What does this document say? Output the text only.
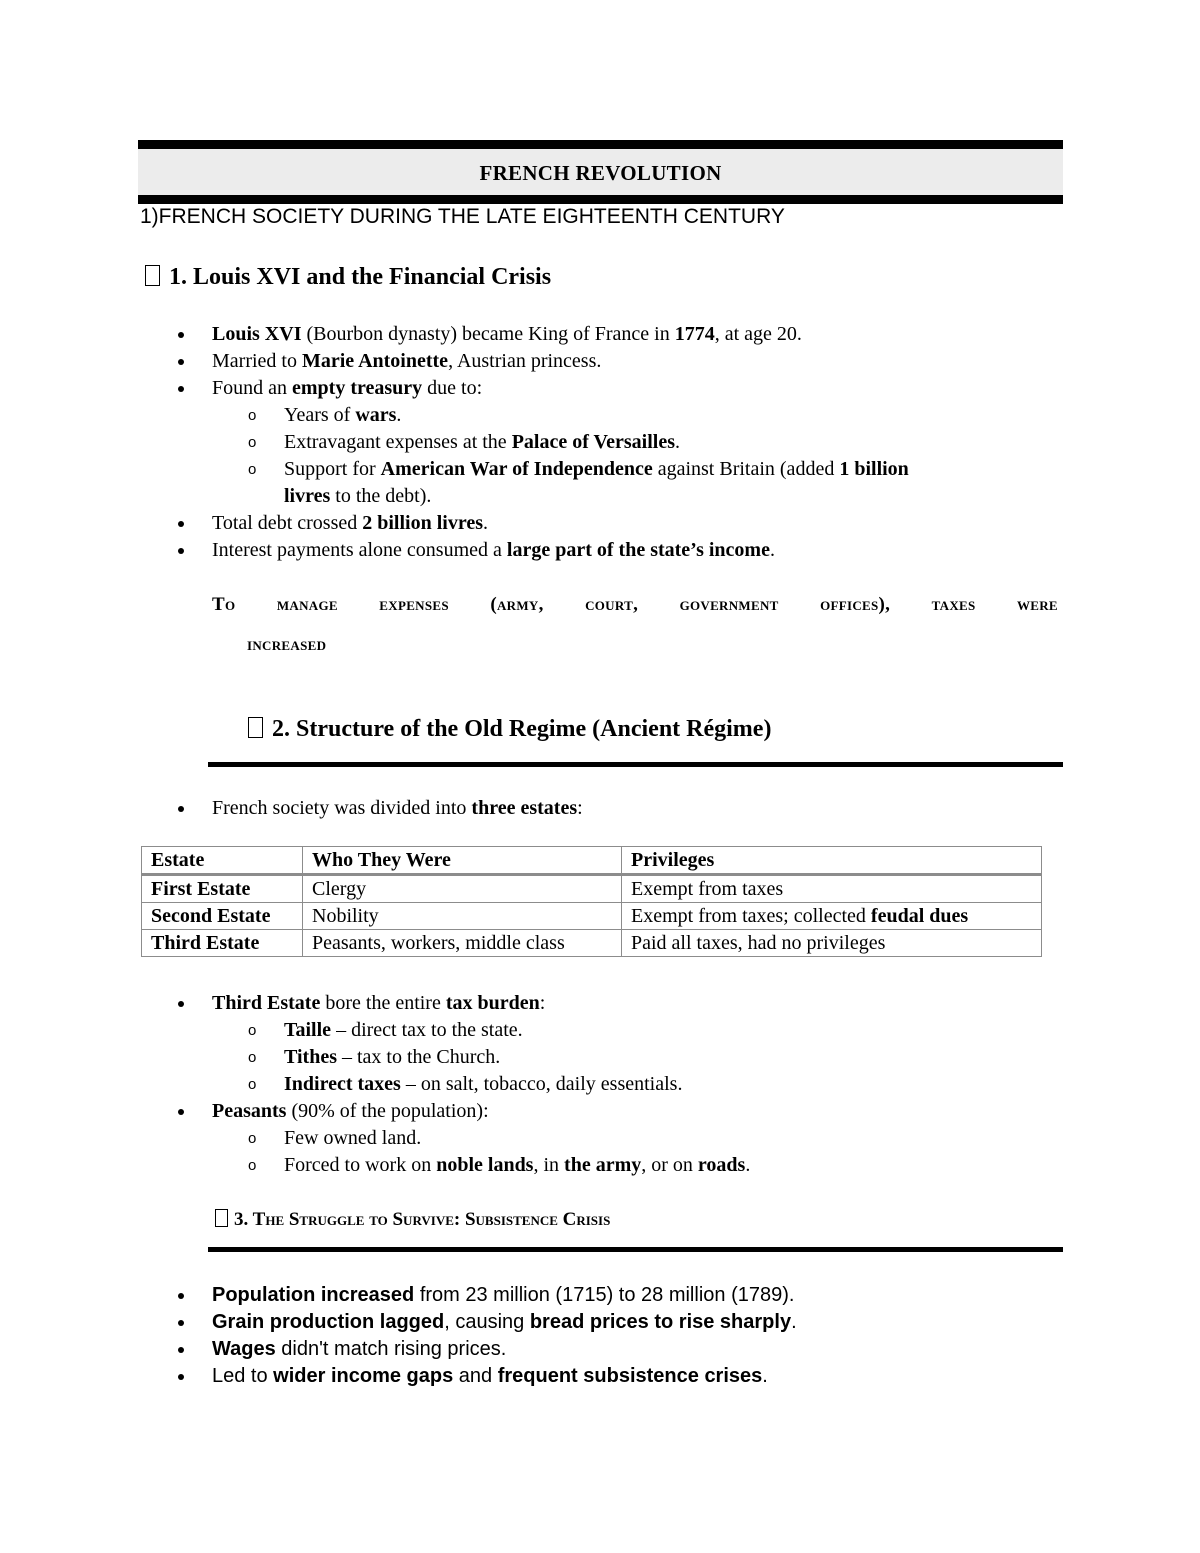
FRENCH REVOLUTION
1)FRENCH SOCIETY DURING THE LATE EIGHTEENTH CENTURY
1. Louis XVI and the Financial Crisis
Louis XVI (Bourbon dynasty) became King of France in 1774, at age 20.
Married to Marie Antoinette, Austrian princess.
Found an empty treasury due to:
o Years of wars.
o Extravagant expenses at the Palace of Versailles.
o Support for American War of Independence against Britain (added 1 billion
livres to the debt).
Total debt crossed 2 billion livres.
Interest payments alone consumed a large part of the state’s income.
To manage expenses (army, court, government offices), taxes were
increased
2. Structure of the Old Regime (Ancient Régime)
French society was divided into three estates:
Estate	Who They Were	Privileges
First Estate	Clergy	Exempt from taxes
Second Estate	Nobility	Exempt from taxes; collected feudal dues
Third Estate	Peasants, workers, middle class	Paid all taxes, had no privileges
Third Estate bore the entire tax burden:
o Taille – direct tax to the state.
o Tithes – tax to the Church.
o Indirect taxes – on salt, tobacco, daily essentials.
Peasants (90% of the population):
o Few owned land.
o Forced to work on noble lands, in the army, or on roads.
3. The Struggle to Survive: Subsistence Crisis
Population increased from 23 million (1715) to 28 million (1789).
Grain production lagged, causing bread prices to rise sharply.
Wages didn't match rising prices.
Led to wider income gaps and frequent subsistence crises.
